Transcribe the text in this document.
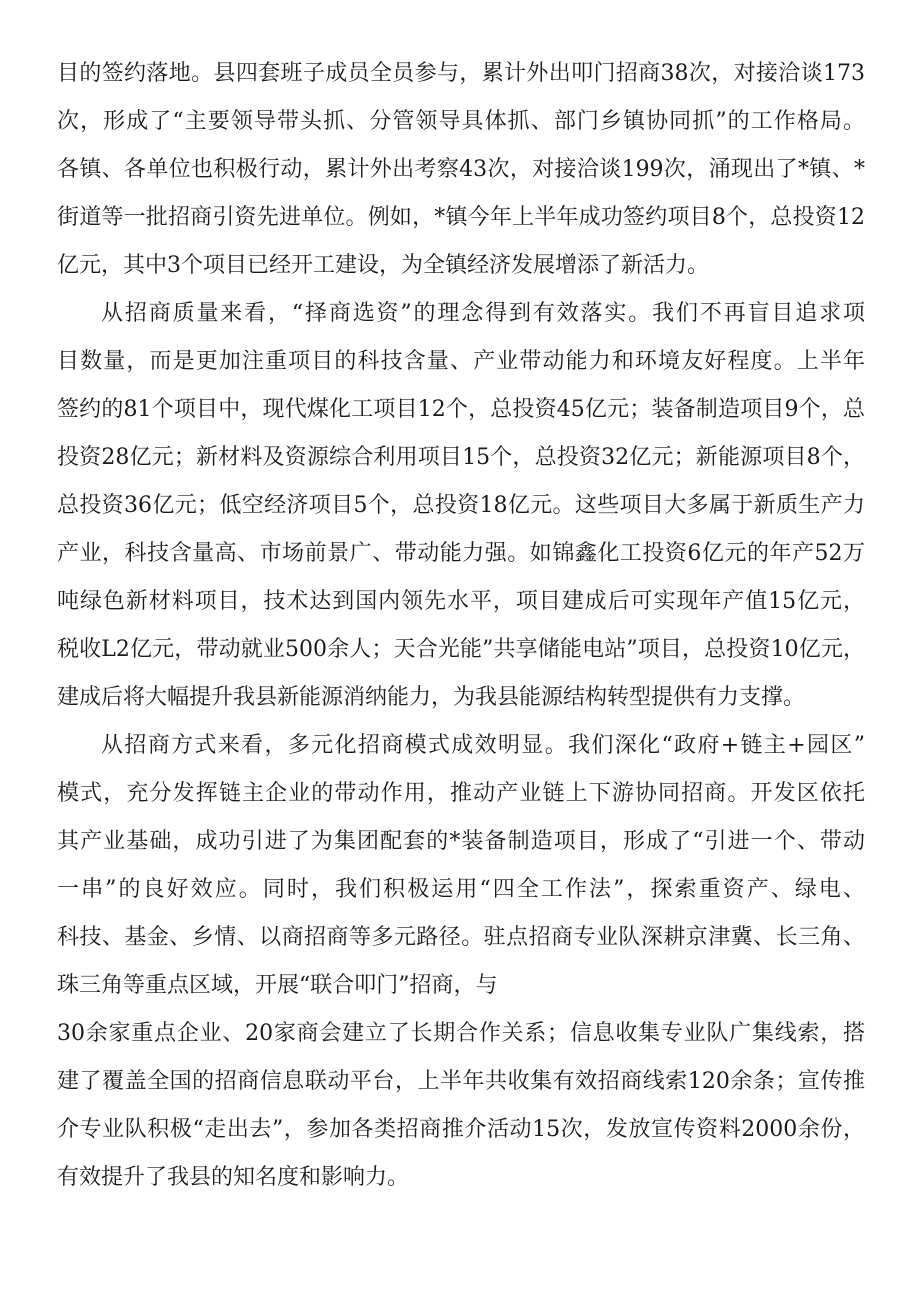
目的签约落地。县四套班子成员全员参与，累计外出叩门招商38次，对接洽谈173
次，形成了“主要领导带头抓、分管领导具体抓、部门乡镇协同抓”的工作格局。
各镇、各单位也积极行动，累计外出考察43次，对接洽谈199次，涌现出了*镇、*
街道等一批招商引资先进单位。例如，*镇今年上半年成功签约项目8个，总投资12
亿元，其中3个项目已经开工建设，为全镇经济发展增添了新活力。
从招商质量来看，“择商选资”的理念得到有效落实。我们不再盲目追求项
目数量，而是更加注重项目的科技含量、产业带动能力和环境友好程度。上半年
签约的81个项目中，现代煤化工项目12个，总投资45亿元；装备制造项目9个，总
投资28亿元；新材料及资源综合利用项目15个，总投资32亿元；新能源项目8个，
总投资36亿元；低空经济项目5个，总投资18亿元。这些项目大多属于新质生产力
产业，科技含量高、市场前景广、带动能力强。如锦鑫化工投资6亿元的年产52万
吨绿色新材料项目，技术达到国内领先水平，项目建成后可实现年产值15亿元，
税收L2亿元，带动就业500余人；天合光能”共享储能电站”项目，总投资10亿元，
建成后将大幅提升我县新能源消纳能力，为我县能源结构转型提供有力支撑。
从招商方式来看，多元化招商模式成效明显。我们深化“政府+链主+园区”
模式，充分发挥链主企业的带动作用，推动产业链上下游协同招商。开发区依托
其产业基础，成功引进了为集团配套的*装备制造项目，形成了“引进一个、带动
一串”的良好效应。同时，我们积极运用“四全工作法”，探索重资产、绿电、
科技、基金、乡情、以商招商等多元路径。驻点招商专业队深耕京津冀、长三角、
珠三角等重点区域，开展“联合叩门”招商，与
30余家重点企业、20家商会建立了长期合作关系；信息收集专业队广集线索，搭
建了覆盖全国的招商信息联动平台，上半年共收集有效招商线索120余条；宣传推
介专业队积极“走出去”，参加各类招商推介活动15次，发放宣传资料2000余份，
有效提升了我县的知名度和影响力。
